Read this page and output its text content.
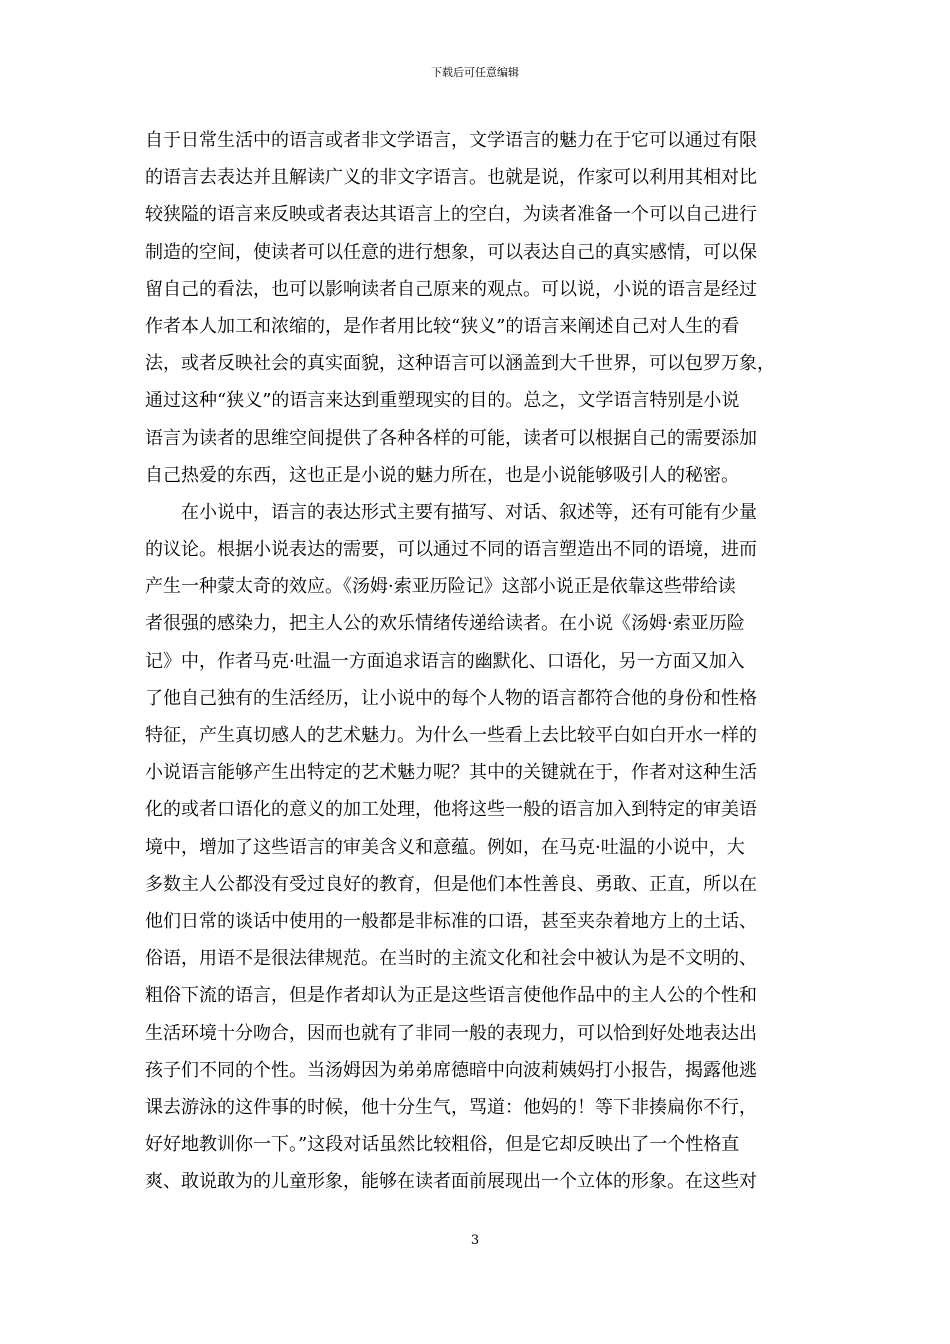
下载后可任意编辑
自于日常生活中的语言或者非文学语言，文学语言的魅力在于它可以通过有限
的语言去表达并且解读广义的非文字语言。也就是说，作家可以利用其相对比
较狭隘的语言来反映或者表达其语言上的空白，为读者准备一个可以自己进行
制造的空间，使读者可以任意的进行想象，可以表达自己的真实感情，可以保
留自己的看法，也可以影响读者自己原来的观点。可以说，小说的语言是经过
作者本人加工和浓缩的，是作者用比较“狭义”的语言来阐述自己对人生的看
法，或者反映社会的真实面貌，这种语言可以涵盖到大千世界，可以包罗万象，
通过这种“狭义”的语言来达到重塑现实的目的。总之，文学语言特别是小说
语言为读者的思维空间提供了各种各样的可能，读者可以根据自己的需要添加
自己热爱的东西，这也正是小说的魅力所在，也是小说能够吸引人的秘密。
　　在小说中，语言的表达形式主要有描写、对话、叙述等，还有可能有少量
的议论。根据小说表达的需要，可以通过不同的语言塑造出不同的语境，进而
产生一种蒙太奇的效应。《汤姆·索亚历险记》这部小说正是依靠这些带给读
者很强的感染力，把主人公的欢乐情绪传递给读者。在小说《汤姆·索亚历险
记》中，作者马克·吐温一方面追求语言的幽默化、口语化，另一方面又加入
了他自己独有的生活经历，让小说中的每个人物的语言都符合他的身份和性格
特征，产生真切感人的艺术魅力。为什么一些看上去比较平白如白开水一样的
小说语言能够产生出特定的艺术魅力呢？其中的关键就在于，作者对这种生活
化的或者口语化的意义的加工处理，他将这些一般的语言加入到特定的审美语
境中，增加了这些语言的审美含义和意蕴。例如，在马克·吐温的小说中，大
多数主人公都没有受过良好的教育，但是他们本性善良、勇敢、正直，所以在
他们日常的谈话中使用的一般都是非标准的口语，甚至夹杂着地方上的土话、
俗语，用语不是很法律规范。在当时的主流文化和社会中被认为是不文明的、
粗俗下流的语言，但是作者却认为正是这些语言使他作品中的主人公的个性和
生活环境十分吻合，因而也就有了非同一般的表现力，可以恰到好处地表达出
孩子们不同的个性。当汤姆因为弟弟席德暗中向波莉姨妈打小报告，揭露他逃
课去游泳的这件事的时候，他十分生气，骂道：他妈的！等下非揍扁你不行，
好好地教训你一下。”这段对话虽然比较粗俗，但是它却反映出了一个性格直
爽、敢说敢为的儿童形象，能够在读者面前展现出一个立体的形象。在这些对
3
